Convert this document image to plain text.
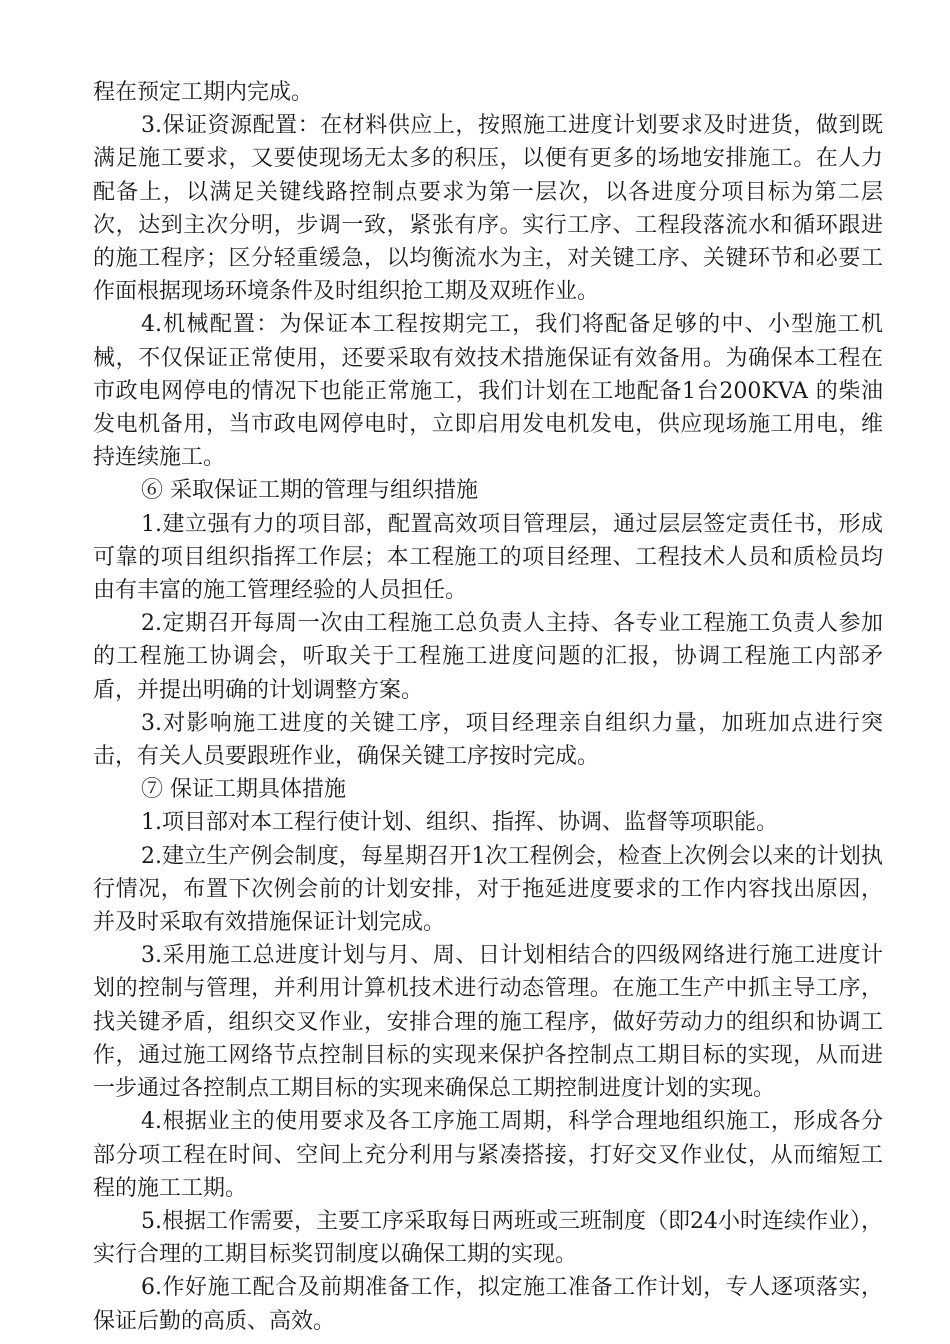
程在预定工期内完成。

3.保证资源配置：在材料供应上，按照施工进度计划要求及时进货，做到既满足施工要求，又要使现场无太多的积压，以便有更多的场地安排施工。在人力配备上，以满足关键线路控制点要求为第一层次，以各进度分项目标为第二层次，达到主次分明，步调一致，紧张有序。实行工序、工程段落流水和循环跟进的施工程序；区分轻重缓急，以均衡流水为主，对关键工序、关键环节和必要工作面根据现场环境条件及时组织抢工期及双班作业。

4.机械配置：为保证本工程按期完工，我们将配备足够的中、小型施工机械，不仅保证正常使用，还要采取有效技术措施保证有效备用。为确保本工程在市政电网停电的情况下也能正常施工，我们计划在工地配备1台200KVA 的柴油发电机备用，当市政电网停电时，立即启用发电机发电，供应现场施工用电，维持连续施工。

⑥ 采取保证工期的管理与组织措施

1.建立强有力的项目部，配置高效项目管理层，通过层层签定责任书，形成可靠的项目组织指挥工作层；本工程施工的项目经理、工程技术人员和质检员均由有丰富的施工管理经验的人员担任。

2.定期召开每周一次由工程施工总负责人主持、各专业工程施工负责人参加的工程施工协调会，听取关于工程施工进度问题的汇报，协调工程施工内部矛盾，并提出明确的计划调整方案。

3.对影响施工进度的关键工序，项目经理亲自组织力量，加班加点进行突击，有关人员要跟班作业，确保关键工序按时完成。

⑦ 保证工期具体措施

1.项目部对本工程行使计划、组织、指挥、协调、监督等项职能。

2.建立生产例会制度，每星期召开1次工程例会，检查上次例会以来的计划执行情况，布置下次例会前的计划安排，对于拖延进度要求的工作内容找出原因，并及时采取有效措施保证计划完成。

3.采用施工总进度计划与月、周、日计划相结合的四级网络进行施工进度计划的控制与管理，并利用计算机技术进行动态管理。在施工生产中抓主导工序，找关键矛盾，组织交叉作业，安排合理的施工程序，做好劳动力的组织和协调工作，通过施工网络节点控制目标的实现来保护各控制点工期目标的实现，从而进一步通过各控制点工期目标的实现来确保总工期控制进度计划的实现。

4.根据业主的使用要求及各工序施工周期，科学合理地组织施工，形成各分部分项工程在时间、空间上充分利用与紧凑搭接，打好交叉作业仗，从而缩短工程的施工工期。

5.根据工作需要，主要工序采取每日两班或三班制度（即24小时连续作业），实行合理的工期目标奖罚制度以确保工期的实现。

6.作好施工配合及前期准备工作，拟定施工准备工作计划，专人逐项落实，保证后勤的高质、高效。
